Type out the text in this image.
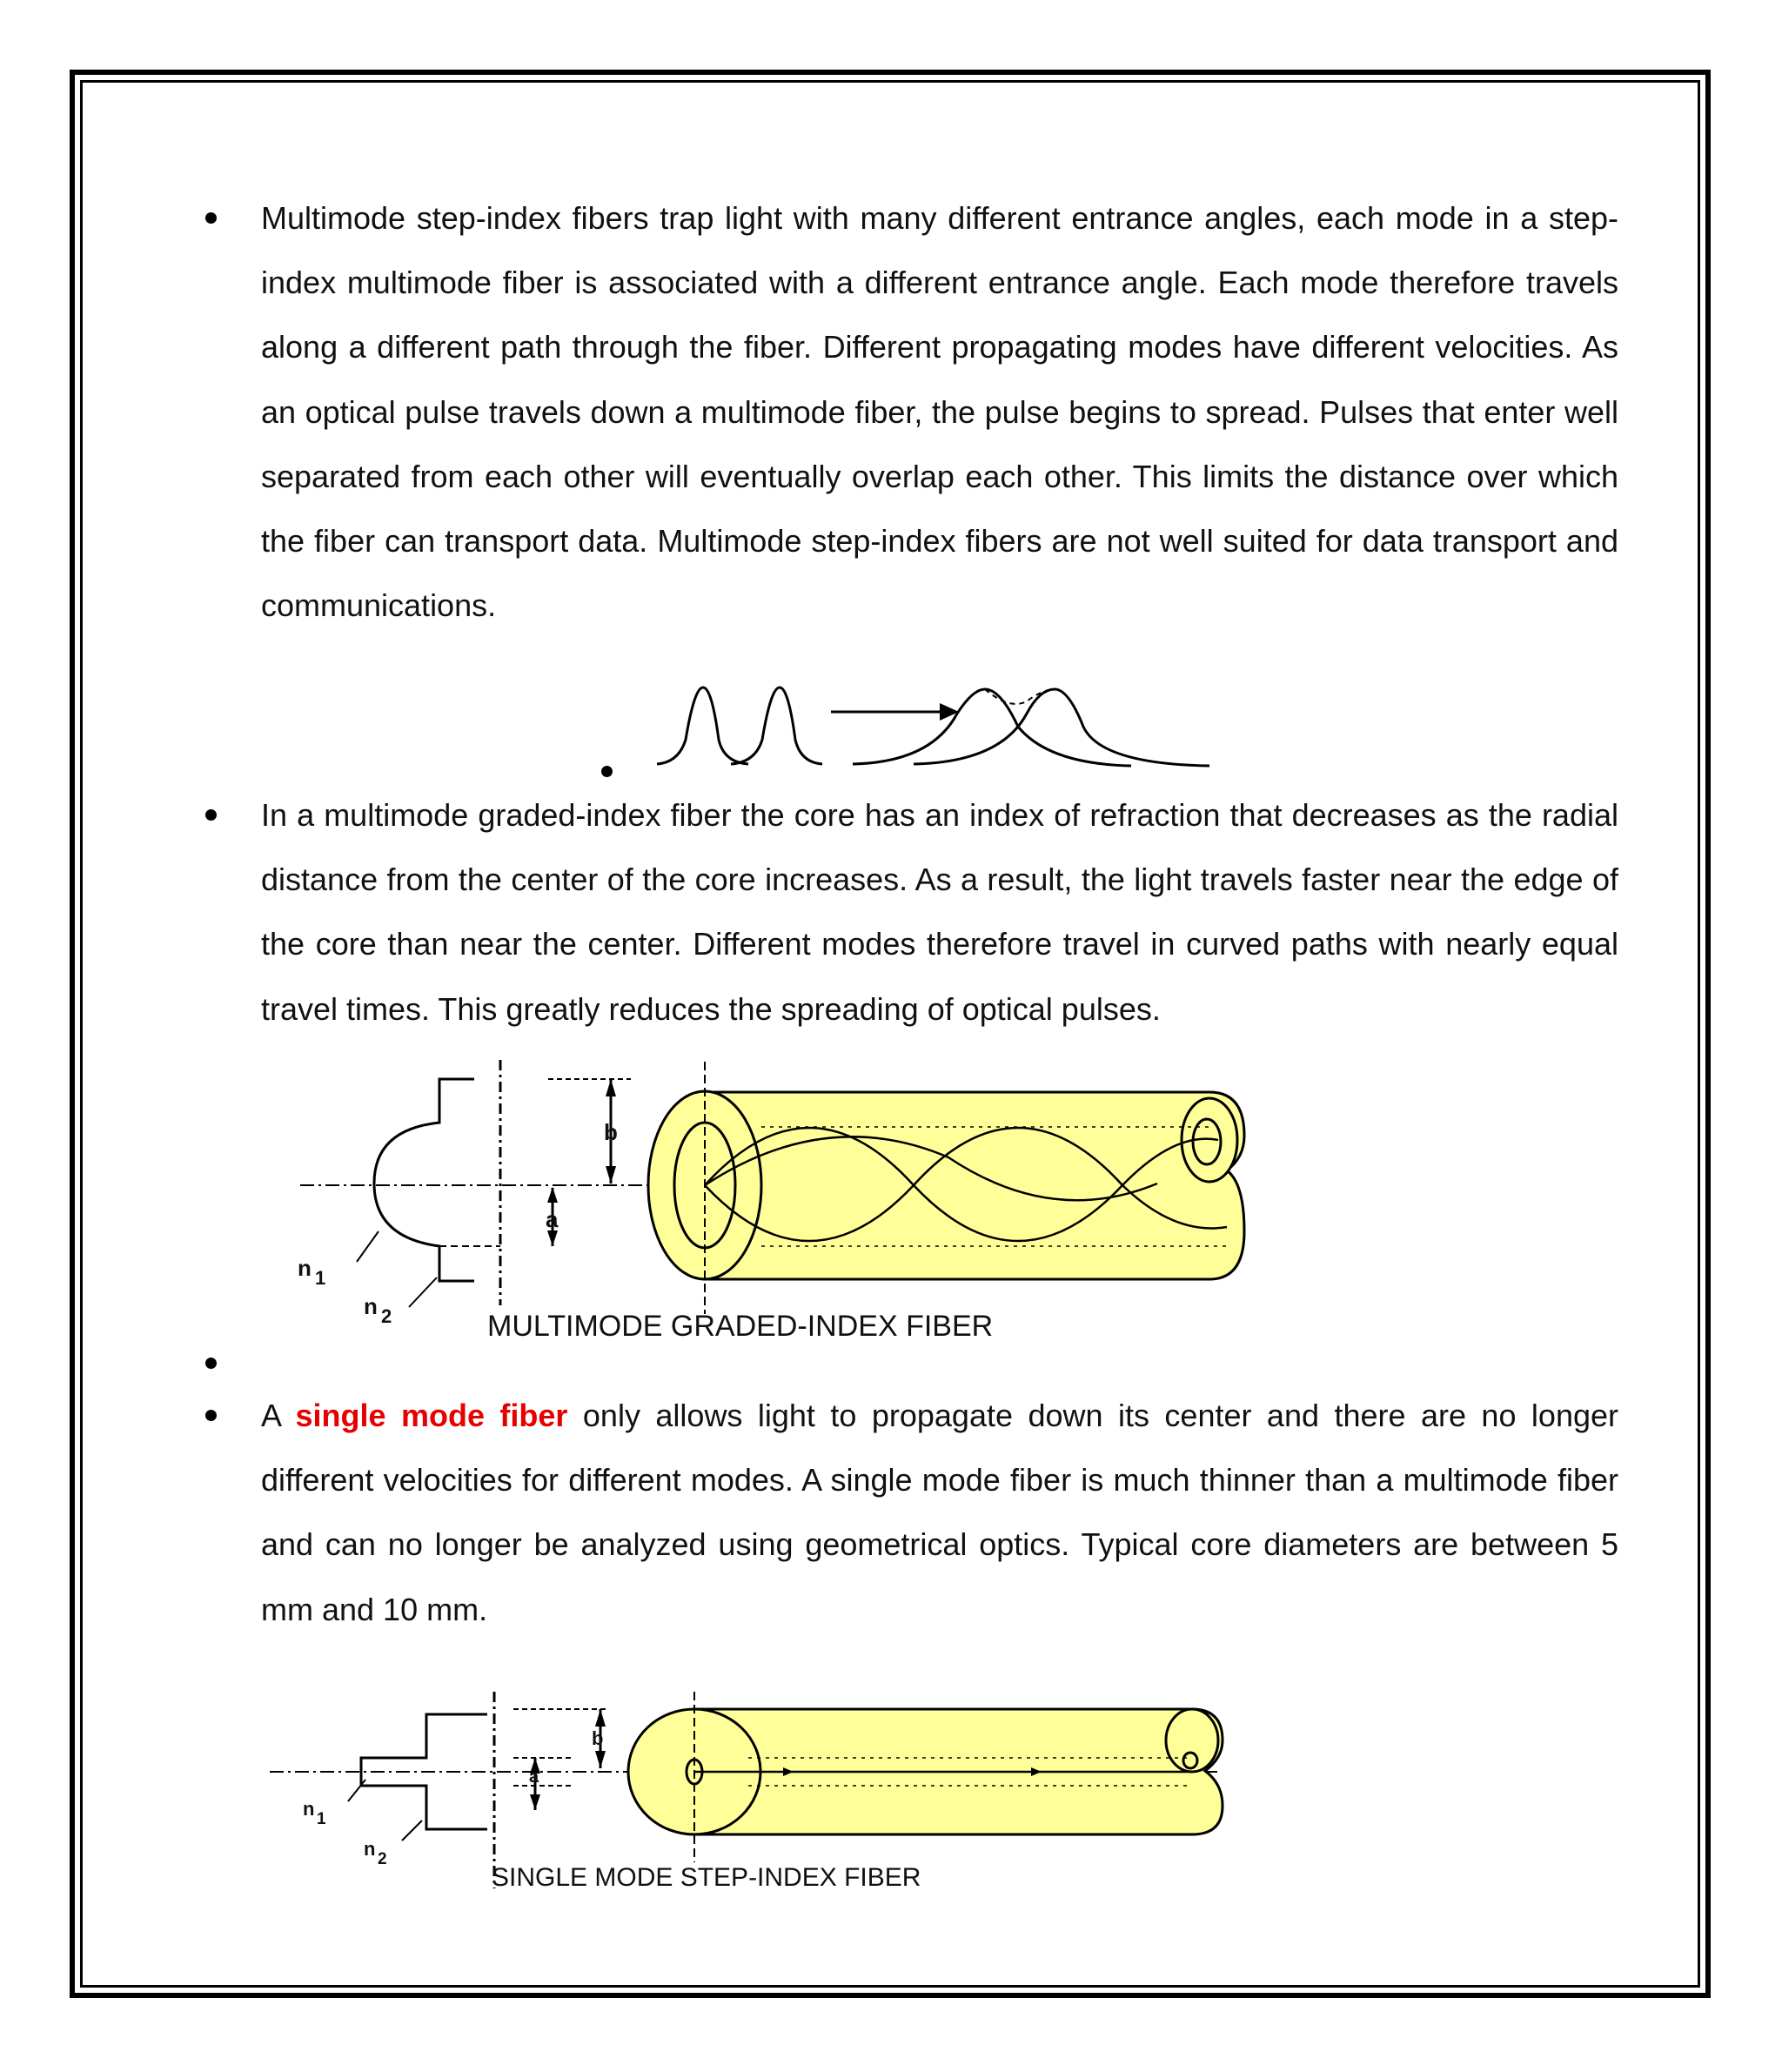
Multimode step-index fibers trap light with many different entrance angles, each mode in a step-index multimode fiber is associated with a different entrance angle. Each mode therefore travels along a different path through the fiber. Different propagating modes have different velocities. As an optical pulse travels down a multimode fiber, the pulse begins to spread. Pulses that enter well separated from each other will eventually overlap each other. This limits the distance over which the fiber can transport data. Multimode step-index fibers are not well suited for data transport and communications.

In a multimode graded-index fiber the core has an index of refraction that decreases as the radial distance from the center of the core increases. As a result, the light travels faster near the edge of the core than near the center. Different modes therefore travel in curved paths with nearly equal travel times. This greatly reduces the spreading of optical pulses.

b
a
n 1
n 2	MULTIMODE GRADED-INDEX FIBER

A single mode fiber only allows light to propagate down its center and there are no longer different velocities for different modes. A single mode fiber is much thinner than a multimode fiber and can no longer be analyzed using geometrical optics. Typical core diameters are between 5 mm and 10 mm.

b
a
n 1
n 2
SINGLE MODE STEP-INDEX FIBER
